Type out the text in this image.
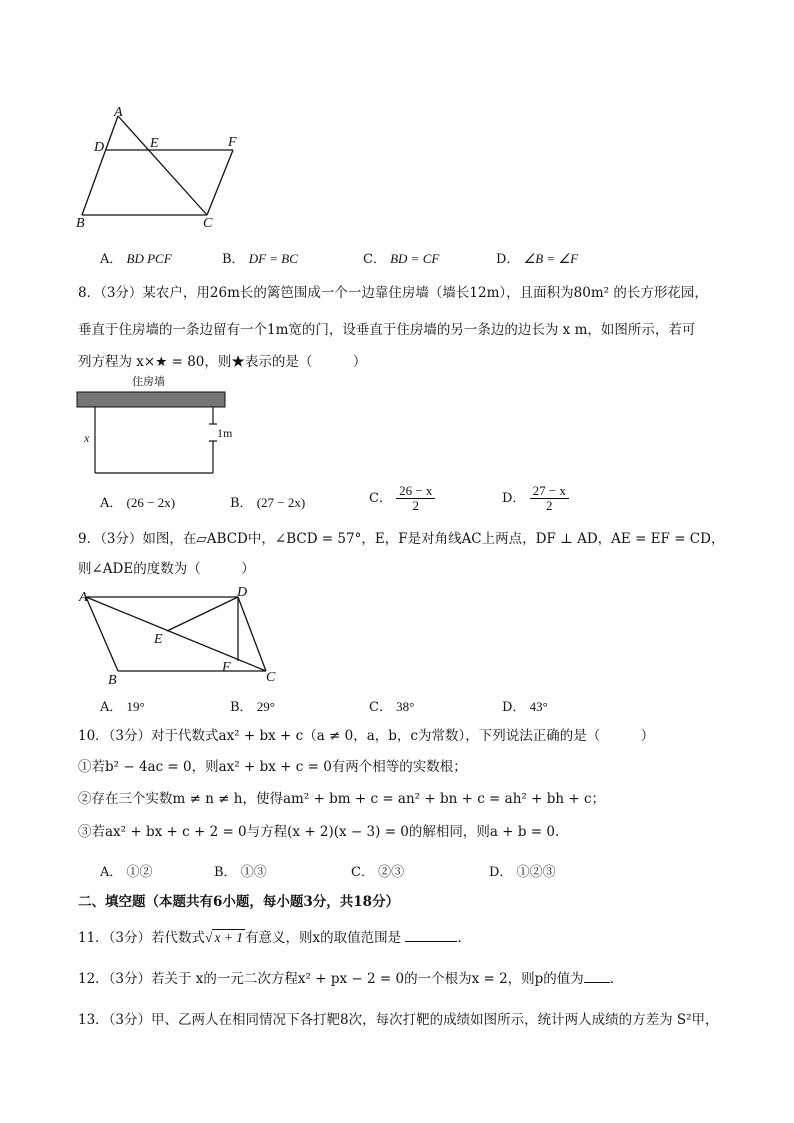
A
D	E	F
B	C
A． BD PCF	B． DF = BC	C． BD = CF	D． ∠B = ∠F
8．（3分）某农户，用26m长的篱笆围成一个一边靠住房墙（墙长12m），且面积为80m² 的长方形花园，
垂直于住房墙的一条边留有一个1m宽的门，设垂直于住房墙的另一条边的边长为 x m，如图所示，若可
列方程为 x×★ = 80，则★表示的是（　　　）
住房墙
x	1m
A． (26 − 2x)	B． (27 − 2x)	C． $\frac{26 - x}{2}$	D． $\frac{27 - x}{2}$
9．（3分）如图，在▱ABCD中，∠BCD = 57°，E，F是对角线AC上两点，DF ⊥ AD，AE = EF = CD，
则∠ADE的度数为（　　　）
A	D
E
F
B	C
A． 19°	B． 29°	C． 38°	D． 43°
10．（3分）对于代数式ax² + bx + c（a ≠ 0，a，b，c为常数），下列说法正确的是（　　　）
①若b² − 4ac = 0，则ax² + bx + c = 0有两个相等的实数根；
②存在三个实数m ≠ n ≠ h，使得am² + bm + c = an² + bn + c = ah² + bh + c；
③若ax² + bx + c + 2 = 0与方程(x + 2)(x − 3) = 0的解相同，则a + b = 0.
A． ①②	B． ①③	C． ②③	D． ①②③
二、填空题（本题共有6小题，每小题3分，共18分）
11．（3分）若代数式√ x + 1 有意义，则x的取值范围是	．
12．（3分）若关于 x的一元二次方程x² + px − 2 = 0的一个根为x = 2，则p的值为 ．
13．（3分）甲、乙两人在相同情况下各打靶8次，每次打靶的成绩如图所示，统计两人成绩的方差为 S²甲，
